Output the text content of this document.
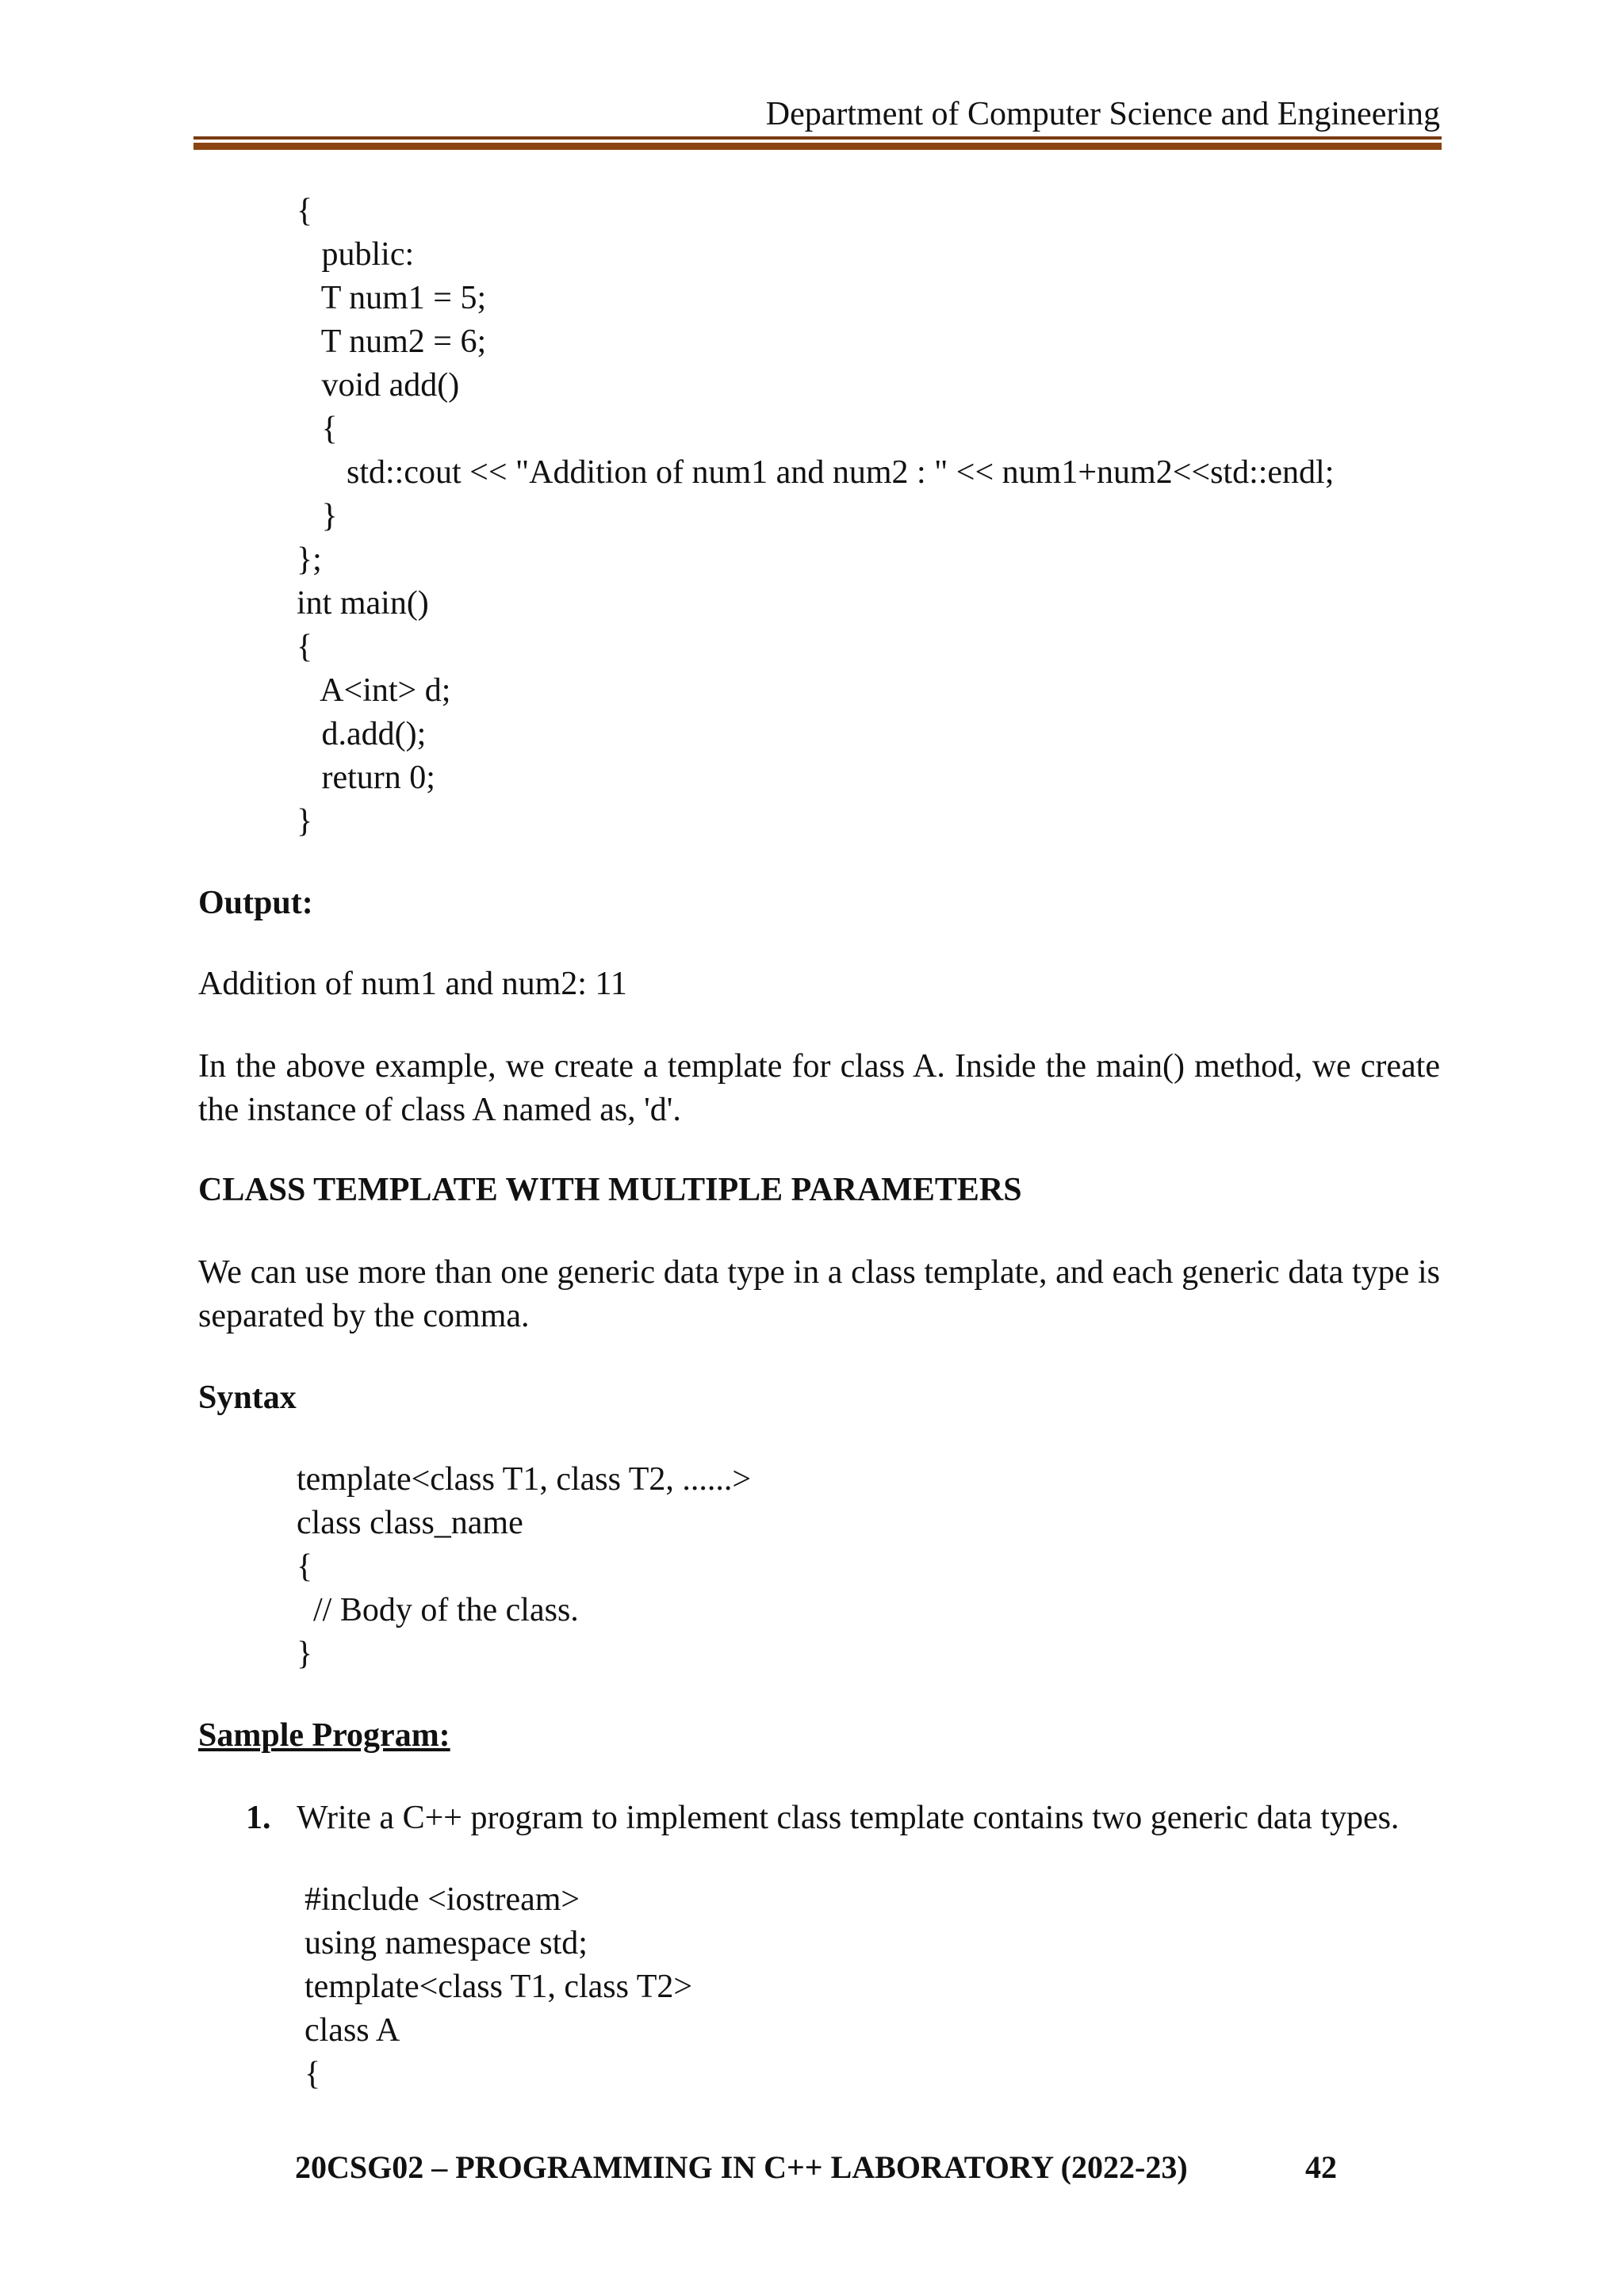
Department of Computer Science and Engineering
{
public:
T num1 = 5;
T num2 = 6;
void add()
{
std::cout << "Addition of num1 and num2 : " << num1+num2<<std::endl;
}
};
int main()
{
A<int> d;
d.add();
return 0;
}
Output:
Addition of num1 and num2: 11
In the above example, we create a template for class A. Inside the main() method, we create the instance of class A named as, 'd'.
CLASS TEMPLATE WITH MULTIPLE PARAMETERS
We can use more than one generic data type in a class template, and each generic data type is separated by the comma.
Syntax
template<class T1, class T2, ......>
class class_name
{
// Body of the class.
}
Sample Program:
1. Write a C++ program to implement class template contains two generic data types.
#include <iostream>
using namespace std;
template<class T1, class T2>
class A
{
20CSG02 – PROGRAMMING IN C++ LABORATORY (2022-23)	42
